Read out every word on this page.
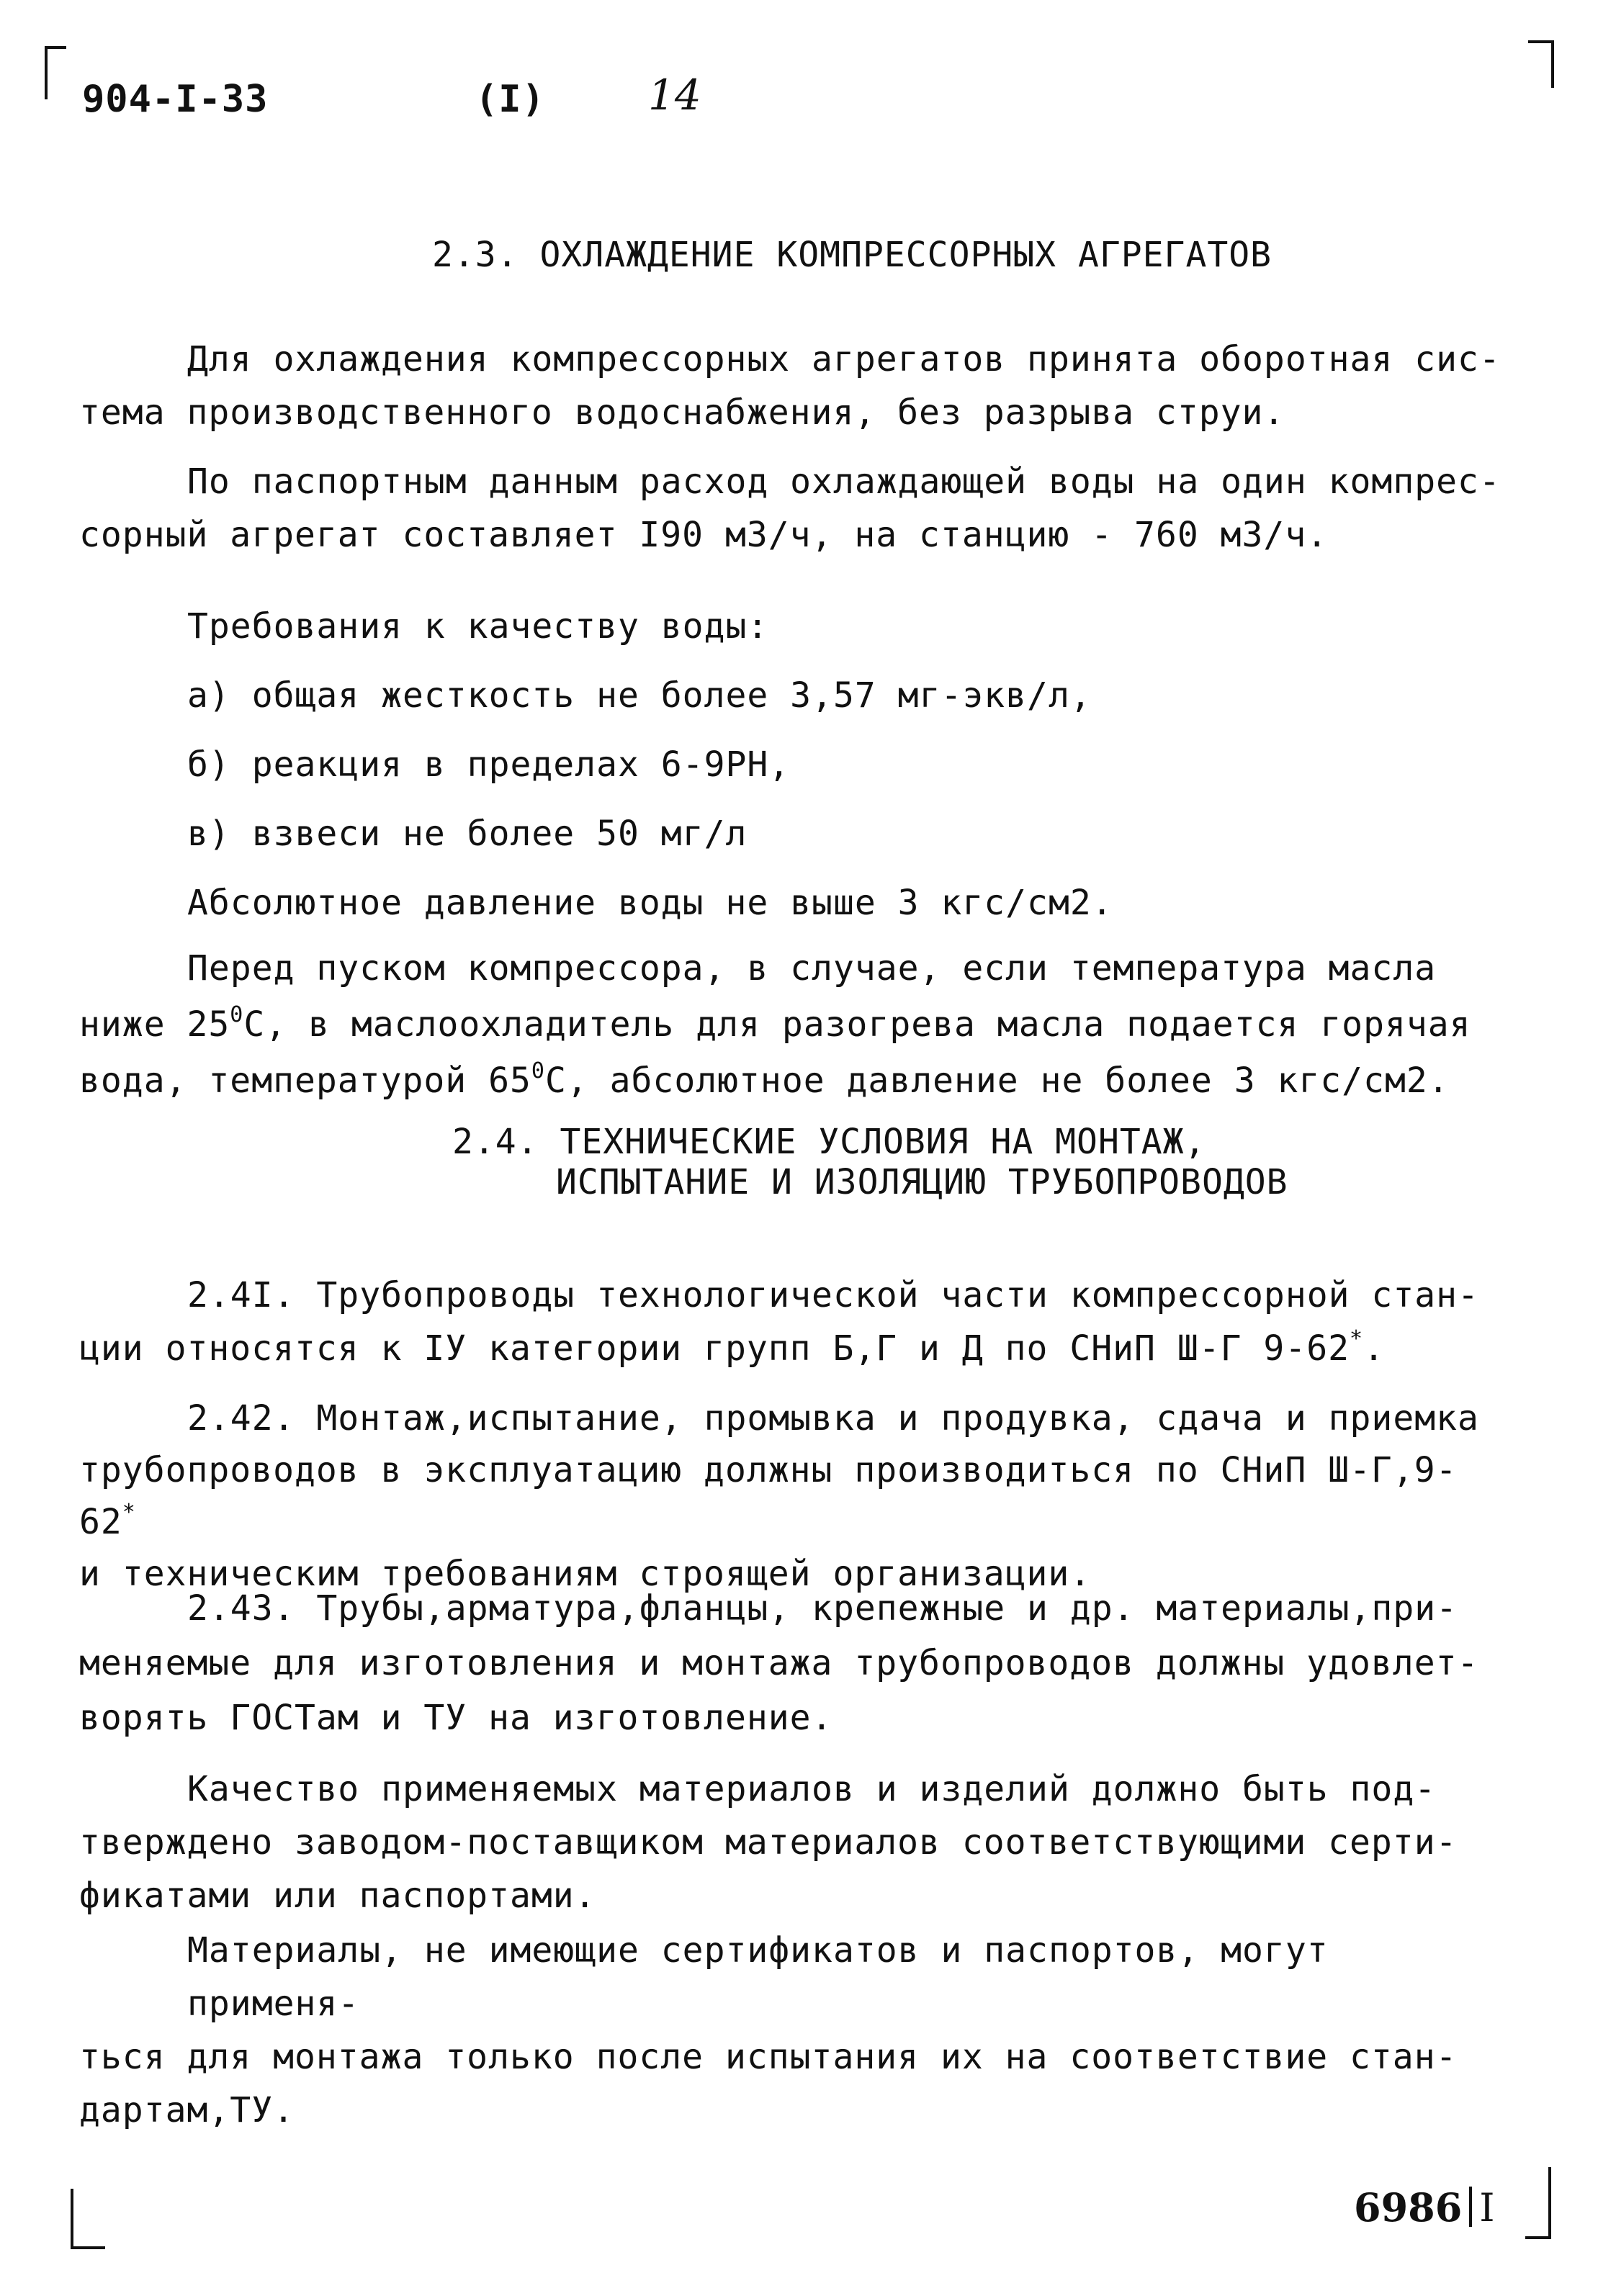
904-I-33	(I) 14
2.3. ОХЛАЖДЕНИЕ КОМПРЕССОРНЫХ АГРЕГАТОВ

Для охлаждения компрессорных агрегатов принята оборотная сис-

тема производственного водоснабжения, без разрыва струи.

По паспортным данным расход охлаждающей воды на один компрес-

сорный агрегат составляет I90 м3/ч, на станцию - 760 м3/ч.

Требования к качеству воды:

а) общая жесткость не более 3,57 мг-экв/л,

б) реакция в пределах 6-9РН,

в) взвеси не более 50 мг/л

Абсолютное давление воды не выше 3 кгс/см2.

Перед пуском компрессора, в случае, если температура масла

ниже $25^0С$, в маслоохладитель для разогрева масла подается горячая

вода, температурой $65^0С$, абсолютное давление не более 3 кгс/см2.

2.4. ТЕХНИЧЕСКИЕ УСЛОВИЯ НА МОНТАЖ,
ИСПЫТАНИЕ И ИЗОЛЯЦИЮ ТРУБОПРОВОДОВ

2.4I. Трубопроводы технологической части компрессорной стан-

ции относятся к IУ категории групп Б,Г и Д по СНиП Ш-Г 9-62*.

2.42. Монтаж,испытание, промывка и продувка, сдача и приемка

трубопроводов в эксплуатацию должны производиться по СНиП Ш-Г,9-62*

и техническим требованиям строящей организации.

2.43. Трубы,арматура,фланцы, крепежные и др. материалы,при-

меняемые для изготовления и монтажа трубопроводов должны удовлет-

ворять ГОСТам и ТУ на изготовление.

Качество применяемых материалов и изделий должно быть под-

тверждено заводом-поставщиком материалов соответствующими серти-

фикатами или паспортами.

Материалы, не имеющие сертификатов и паспортов, могут применя-

ться для монтажа только после испытания их на соответствие стан-

дартам,ТУ.

6986 I
